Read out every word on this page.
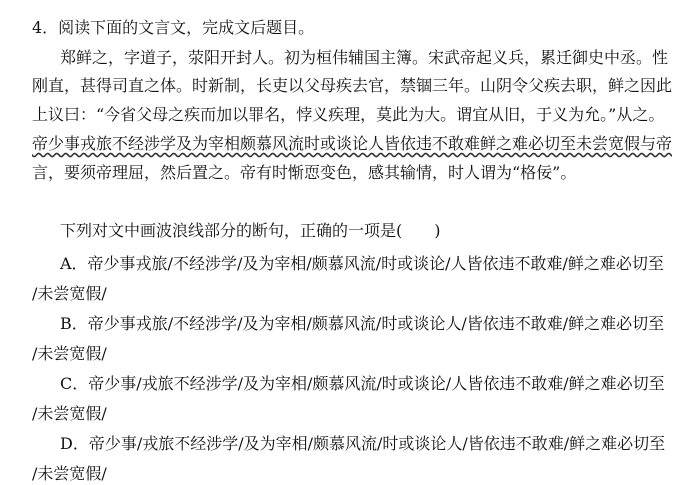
4．阅读下面的文言文，完成文后题目。
郑鲜之，字道子，荥阳开封人。初为桓伟辅国主簿。宋武帝起义兵，累迁御史中丞。性
刚直，甚得司直之体。时新制，长吏以父母疾去官，禁锢三年。山阴令父疾去职，鲜之因此
上议曰：“今省父母之疾而加以罪名，悖义疾理，莫此为大。谓宜从旧，于义为允。”从之。
帝少事戎旅不经涉学及为宰相颇慕风流时或谈论人皆依违不敢难鲜之难必切至未尝宽假与帝
言，要须帝理屈，然后置之。帝有时惭恧变色，感其输情，时人谓为“格佞”。
下列对文中画波浪线部分的断句，正确的一项是(　　)
A．帝少事戎旅/不经涉学/及为宰相/颇慕风流/时或谈论/人皆依违不敢难/鲜之难必切至
/未尝宽假/
B．帝少事戎旅/不经涉学/及为宰相/颇慕风流/时或谈论人/皆依违不敢难/鲜之难必切至
/未尝宽假/
C．帝少事/戎旅不经涉学/及为宰相/颇慕风流/时或谈论/人皆依违不敢难/鲜之难必切至
/未尝宽假/
D．帝少事/戎旅不经涉学/及为宰相/颇慕风流/时或谈论人/皆依违不敢难/鲜之难必切至
/未尝宽假/
